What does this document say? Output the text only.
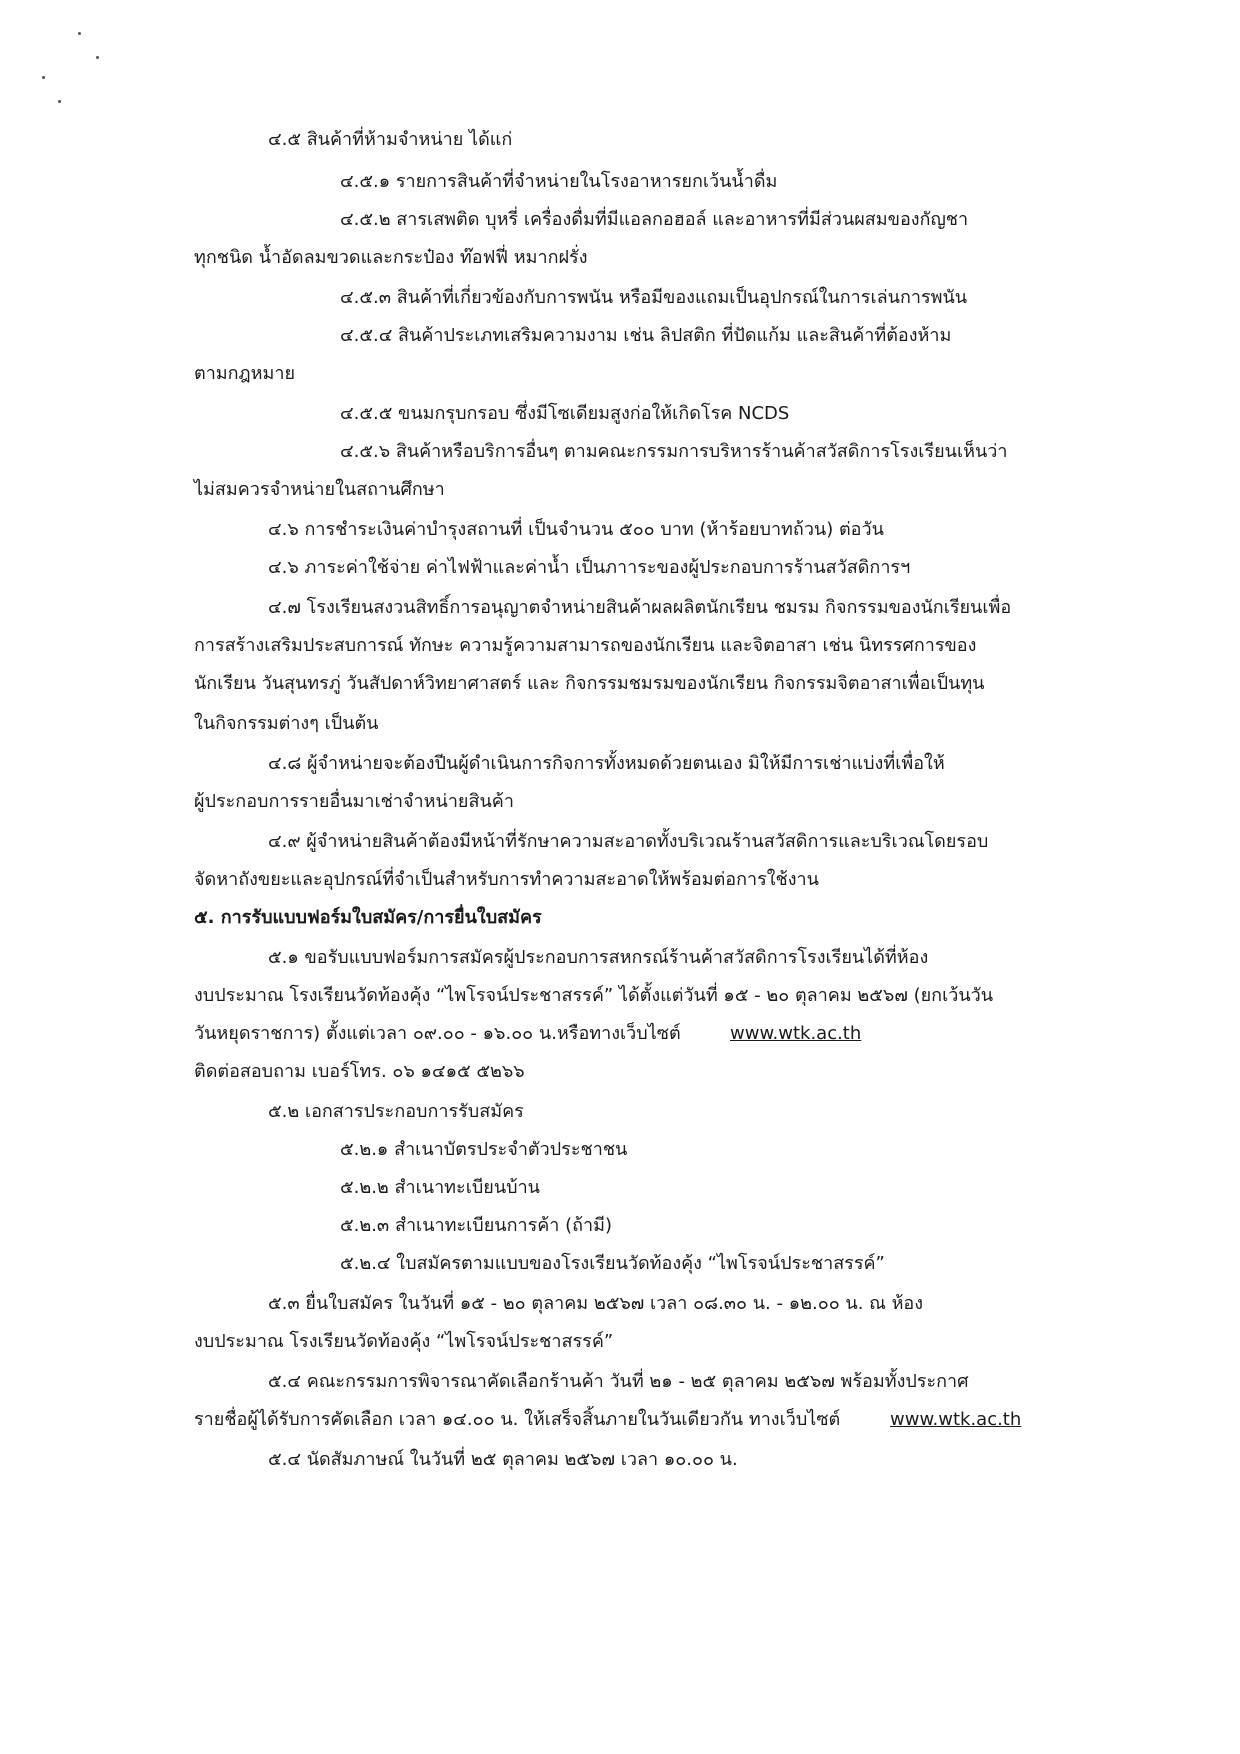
๔.๕ สินค้าที่ห้ามจำหน่าย ได้แก่
๔.๕.๑ รายการสินค้าที่จำหน่ายในโรงอาหารยกเว้นน้ำดื่ม
๔.๕.๒ สารเสพติด บุหรี่ เครื่องดื่มที่มีแอลกอฮอล์ และอาหารที่มีส่วนผสมของกัญชา
ทุกชนิด น้ำอัดลมขวดและกระป๋อง ท๊อฟฟี่ หมากฝรั่ง
๔.๕.๓ สินค้าที่เกี่ยวข้องกับการพนัน หรือมีของแถมเป็นอุปกรณ์ในการเล่นการพนัน
๔.๕.๔ สินค้าประเภทเสริมความงาม เช่น ลิปสติก ที่ปัดแก้ม และสินค้าที่ต้องห้าม
ตามกฎหมาย
๔.๕.๕ ขนมกรุบกรอบ ซึ่งมีโซเดียมสูงก่อให้เกิดโรค NCDS
๔.๕.๖ สินค้าหรือบริการอื่นๆ ตามคณะกรรมการบริหารร้านค้าสวัสดิการโรงเรียนเห็นว่า
ไม่สมควรจำหน่ายในสถานศึกษา
๔.๖ การชำระเงินค่าบำรุงสถานที่ เป็นจำนวน ๕๐๐ บาท (ห้าร้อยบาทถ้วน) ต่อวัน
๔.๖ ภาระค่าใช้จ่าย ค่าไฟฟ้าและค่าน้ำ เป็นภาาระของผู้ประกอบการร้านสวัสดิการฯ
๔.๗ โรงเรียนสงวนสิทธิ์การอนุญาตจำหน่ายสินค้าผลผลิตนักเรียน ชมรม กิจกรรมของนักเรียนเพื่อ
การสร้างเสริมประสบการณ์ ทักษะ ความรู้ความสามารถของนักเรียน และจิตอาสา เช่น นิทรรศการของ
นักเรียน วันสุนทรภู่ วันสัปดาห์วิทยาศาสตร์ และ กิจกรรมชมรมของนักเรียน กิจกรรมจิตอาสาเพื่อเป็นทุน
ในกิจกรรมต่างๆ เป็นต้น
๔.๘ ผู้จำหน่ายจะต้องปีนผู้ดำเนินการกิจการทั้งหมดด้วยตนเอง มิให้มีการเช่าแบ่งที่เพื่อให้
ผู้ประกอบการรายอื่นมาเช่าจำหน่ายสินค้า
๔.๙ ผู้จำหน่ายสินค้าต้องมีหน้าที่รักษาความสะอาดทั้งบริเวณร้านสวัสดิการและบริเวณโดยรอบ
จัดหาถังขยะและอุปกรณ์ที่จำเป็นสำหรับการทำความสะอาดให้พร้อมต่อการใช้งาน
๕. การรับแบบฟอร์มใบสมัคร/การยื่นใบสมัคร
๕.๑ ขอรับแบบฟอร์มการสมัครผู้ประกอบการสหกรณ์ร้านค้าสวัสดิการโรงเรียนได้ที่ห้อง
งบประมาณ โรงเรียนวัดท้องคุ้ง “ไพโรจน์ประชาสรรค์” ได้ตั้งแต่วันที่ ๑๕ - ๒๐ ตุลาคม ๒๕๖๗ (ยกเว้นวัน
วันหยุดราชการ) ตั้งแต่เวลา ๐๙.๐๐ - ๑๖.๐๐ น.หรือทางเว็บไซต์	www.wtk.ac.th
ติดต่อสอบถาม เบอร์โทร. ๐๖ ๑๔๑๕ ๕๒๖๖
๕.๒ เอกสารประกอบการรับสมัคร
๕.๒.๑ สำเนาบัตรประจำตัวประชาชน
๕.๒.๒ สำเนาทะเบียนบ้าน
๕.๒.๓ สำเนาทะเบียนการค้า (ถ้ามี)
๕.๒.๔ ใบสมัครตามแบบของโรงเรียนวัดท้องคุ้ง “ไพโรจน์ประชาสรรค์”
๕.๓ ยื่นใบสมัคร ในวันที่ ๑๕ - ๒๐ ตุลาคม ๒๕๖๗ เวลา ๐๘.๓๐ น. - ๑๒.๐๐ น. ณ ห้อง
งบประมาณ โรงเรียนวัดท้องคุ้ง “ไพโรจน์ประชาสรรค์”
๕.๔ คณะกรรมการพิจารณาคัดเลือกร้านค้า วันที่ ๒๑ - ๒๕ ตุลาคม ๒๕๖๗ พร้อมทั้งประกาศ
รายชื่อผู้ได้รับการคัดเลือก เวลา ๑๔.๐๐ น. ให้เสร็จสิ้นภายในวันเดียวกัน ทางเว็บไซต์	www.wtk.ac.th
๕.๔ นัดสัมภาษณ์ ในวันที่ ๒๕ ตุลาคม ๒๕๖๗ เวลา ๑๐.๐๐ น.
